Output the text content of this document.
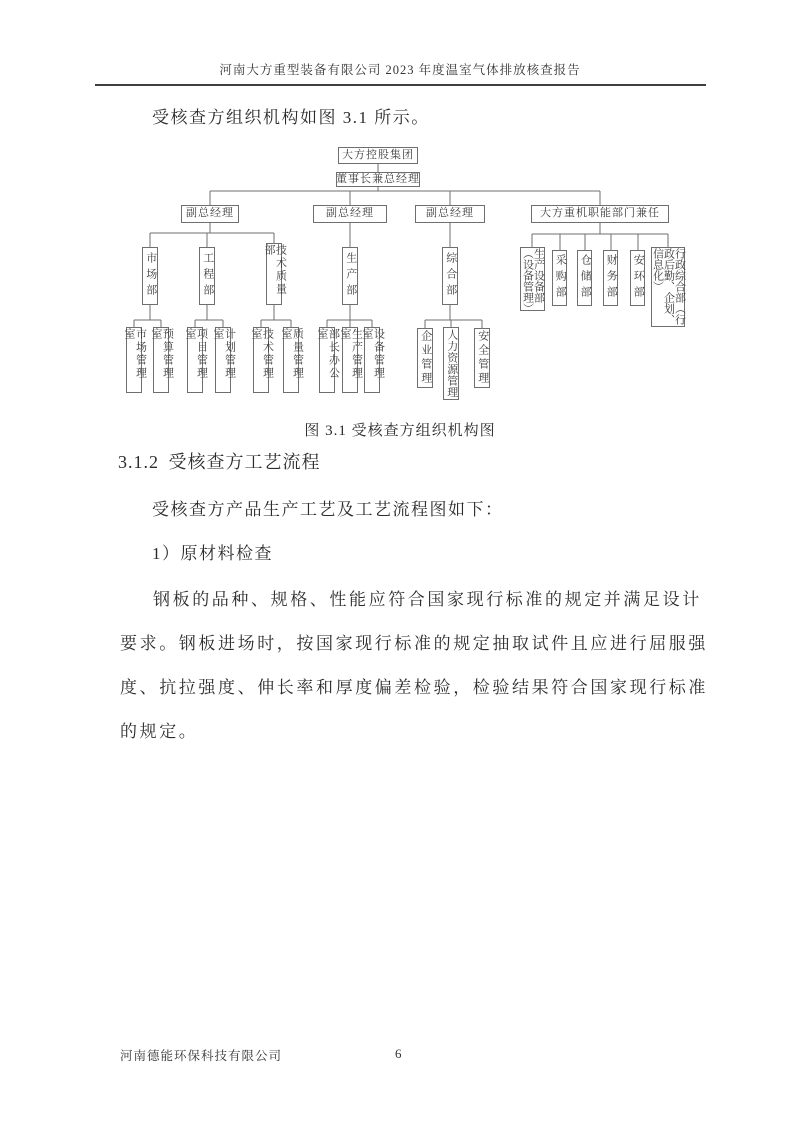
河南大方重型装备有限公司 2023 年度温室气体排放核查报告
受核查方组织机构如图 3.1 所示。
大方控股集团
董事长兼总经理
副总经理	副总经理	副总经理	大方重机职能部门兼任
市场部	工程部	技术质量部
生产部	综合部	生产设备部（设备管理）	采购部 仓储部 财务部 安环部	行政综合部（行政后勤、企划、信息化）
市场管理室	预算管理室	项目管理室	计划管理室	技术管理室	质量管理室	部长办公室	生产管理室	设备管理室	企业管理 人力资源管理 安全管理
图 3.1 受核查方组织机构图
3.1.2 受核查方工艺流程
受核查方产品生产工艺及工艺流程图如下：
1）原材料检查
钢板的品种、规格、性能应符合国家现行标准的规定并满足设计
要求。钢板进场时，按国家现行标准的规定抽取试件且应进行屈服强
度、抗拉强度、伸长率和厚度偏差检验，检验结果符合国家现行标准
的规定。
河南德能环保科技有限公司	6
